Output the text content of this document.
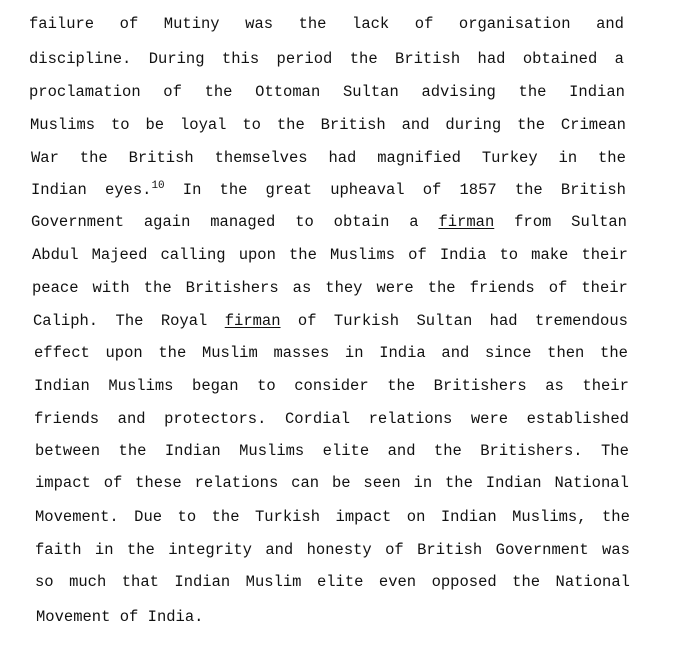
failure of Mutiny was the lack of organisation and
discipline. During this period the British had obtained a
proclamation of the Ottoman Sultan advising the Indian
Muslims to be loyal to the British and during the Crimean
War the British themselves had magnified Turkey in the
Indian eyes.$^{10}$ In the great upheaval of 1857 the British
Government again managed to obtain a firman from Sultan
Abdul Majeed calling upon the Muslims of India to make their
peace with the Britishers as they were the friends of their
Caliph. The Royal firman of Turkish Sultan had tremendous
effect upon the Muslim masses in India and since then the
Indian Muslims began to consider the Britishers as their
friends and protectors. Cordial relations were established
between the Indian Muslims elite and the Britishers. The
impact of these relations can be seen in the Indian National
Movement. Due to the Turkish impact on Indian Muslims, the
faith in the integrity and honesty of British Government was
so much that Indian Muslim elite even opposed the National
Movement
of
India.
